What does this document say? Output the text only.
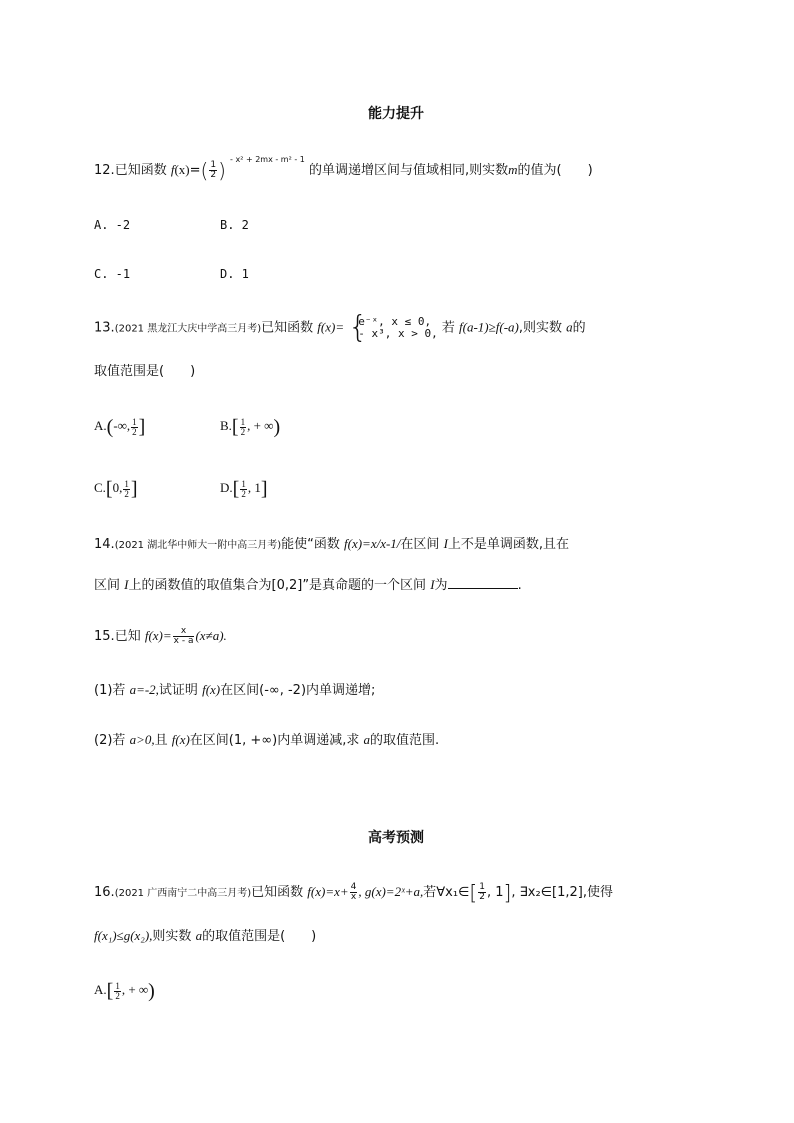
能力提升
12.已知函数 $f(x)=( \frac{1}{2}$ ) $^{- x^2 + 2mx - m^2 - 1}$ 的单调递增区间与值域相同,则实数m的值为(　　)
A. -2	B. 2
C. -1	D. 1
13.(2021 黑龙江大庆中学高三月考)已知函数 f(x)= {
e⁻ˣ, x ≤ 0,
- x³, x > 0, 若 f(a-1)≥f(-a),则实数 a的
取值范围是(　　)
A.(-∞, $\frac{1}{2}$ ]	$B.[ \frac{1}{2}$ , + ∞)
C.[0, $\frac{1}{2}$ ]	$D.[ \frac{1}{2}$ , 1]
14.(2021 湖北华中师大一附中高三月考)能使“函数 f(x)=x/x-1/在区间 I上不是单调函数,且在
区间 I上的函数值的取值集合为[0,2]”是真命题的一个区间 I为	.
15.已知 $f(x)= \frac{x}{x - a} (x\ne a)$.
(1)若 a=-2,试证明 f(x)在区间(-∞, -2)内单调递增;
(2)若 a>0,且 f(x)在区间(1, +∞)内单调递减,求 a的取值范围.
高考预测
16.(2021 广西南宁二中高三月考)已知函数 $f(x)=x+ \frac{4}{x}$ , g(x)=2ˣ+a,若∀x₁∈[ $\frac{1}{2}$ , 1], ∃x₂∈[1,2],使得
f(x₁)≤g(x₂),则实数 a的取值范围是(　　)
$A.[ \frac{1}{2}$ , + ∞)
